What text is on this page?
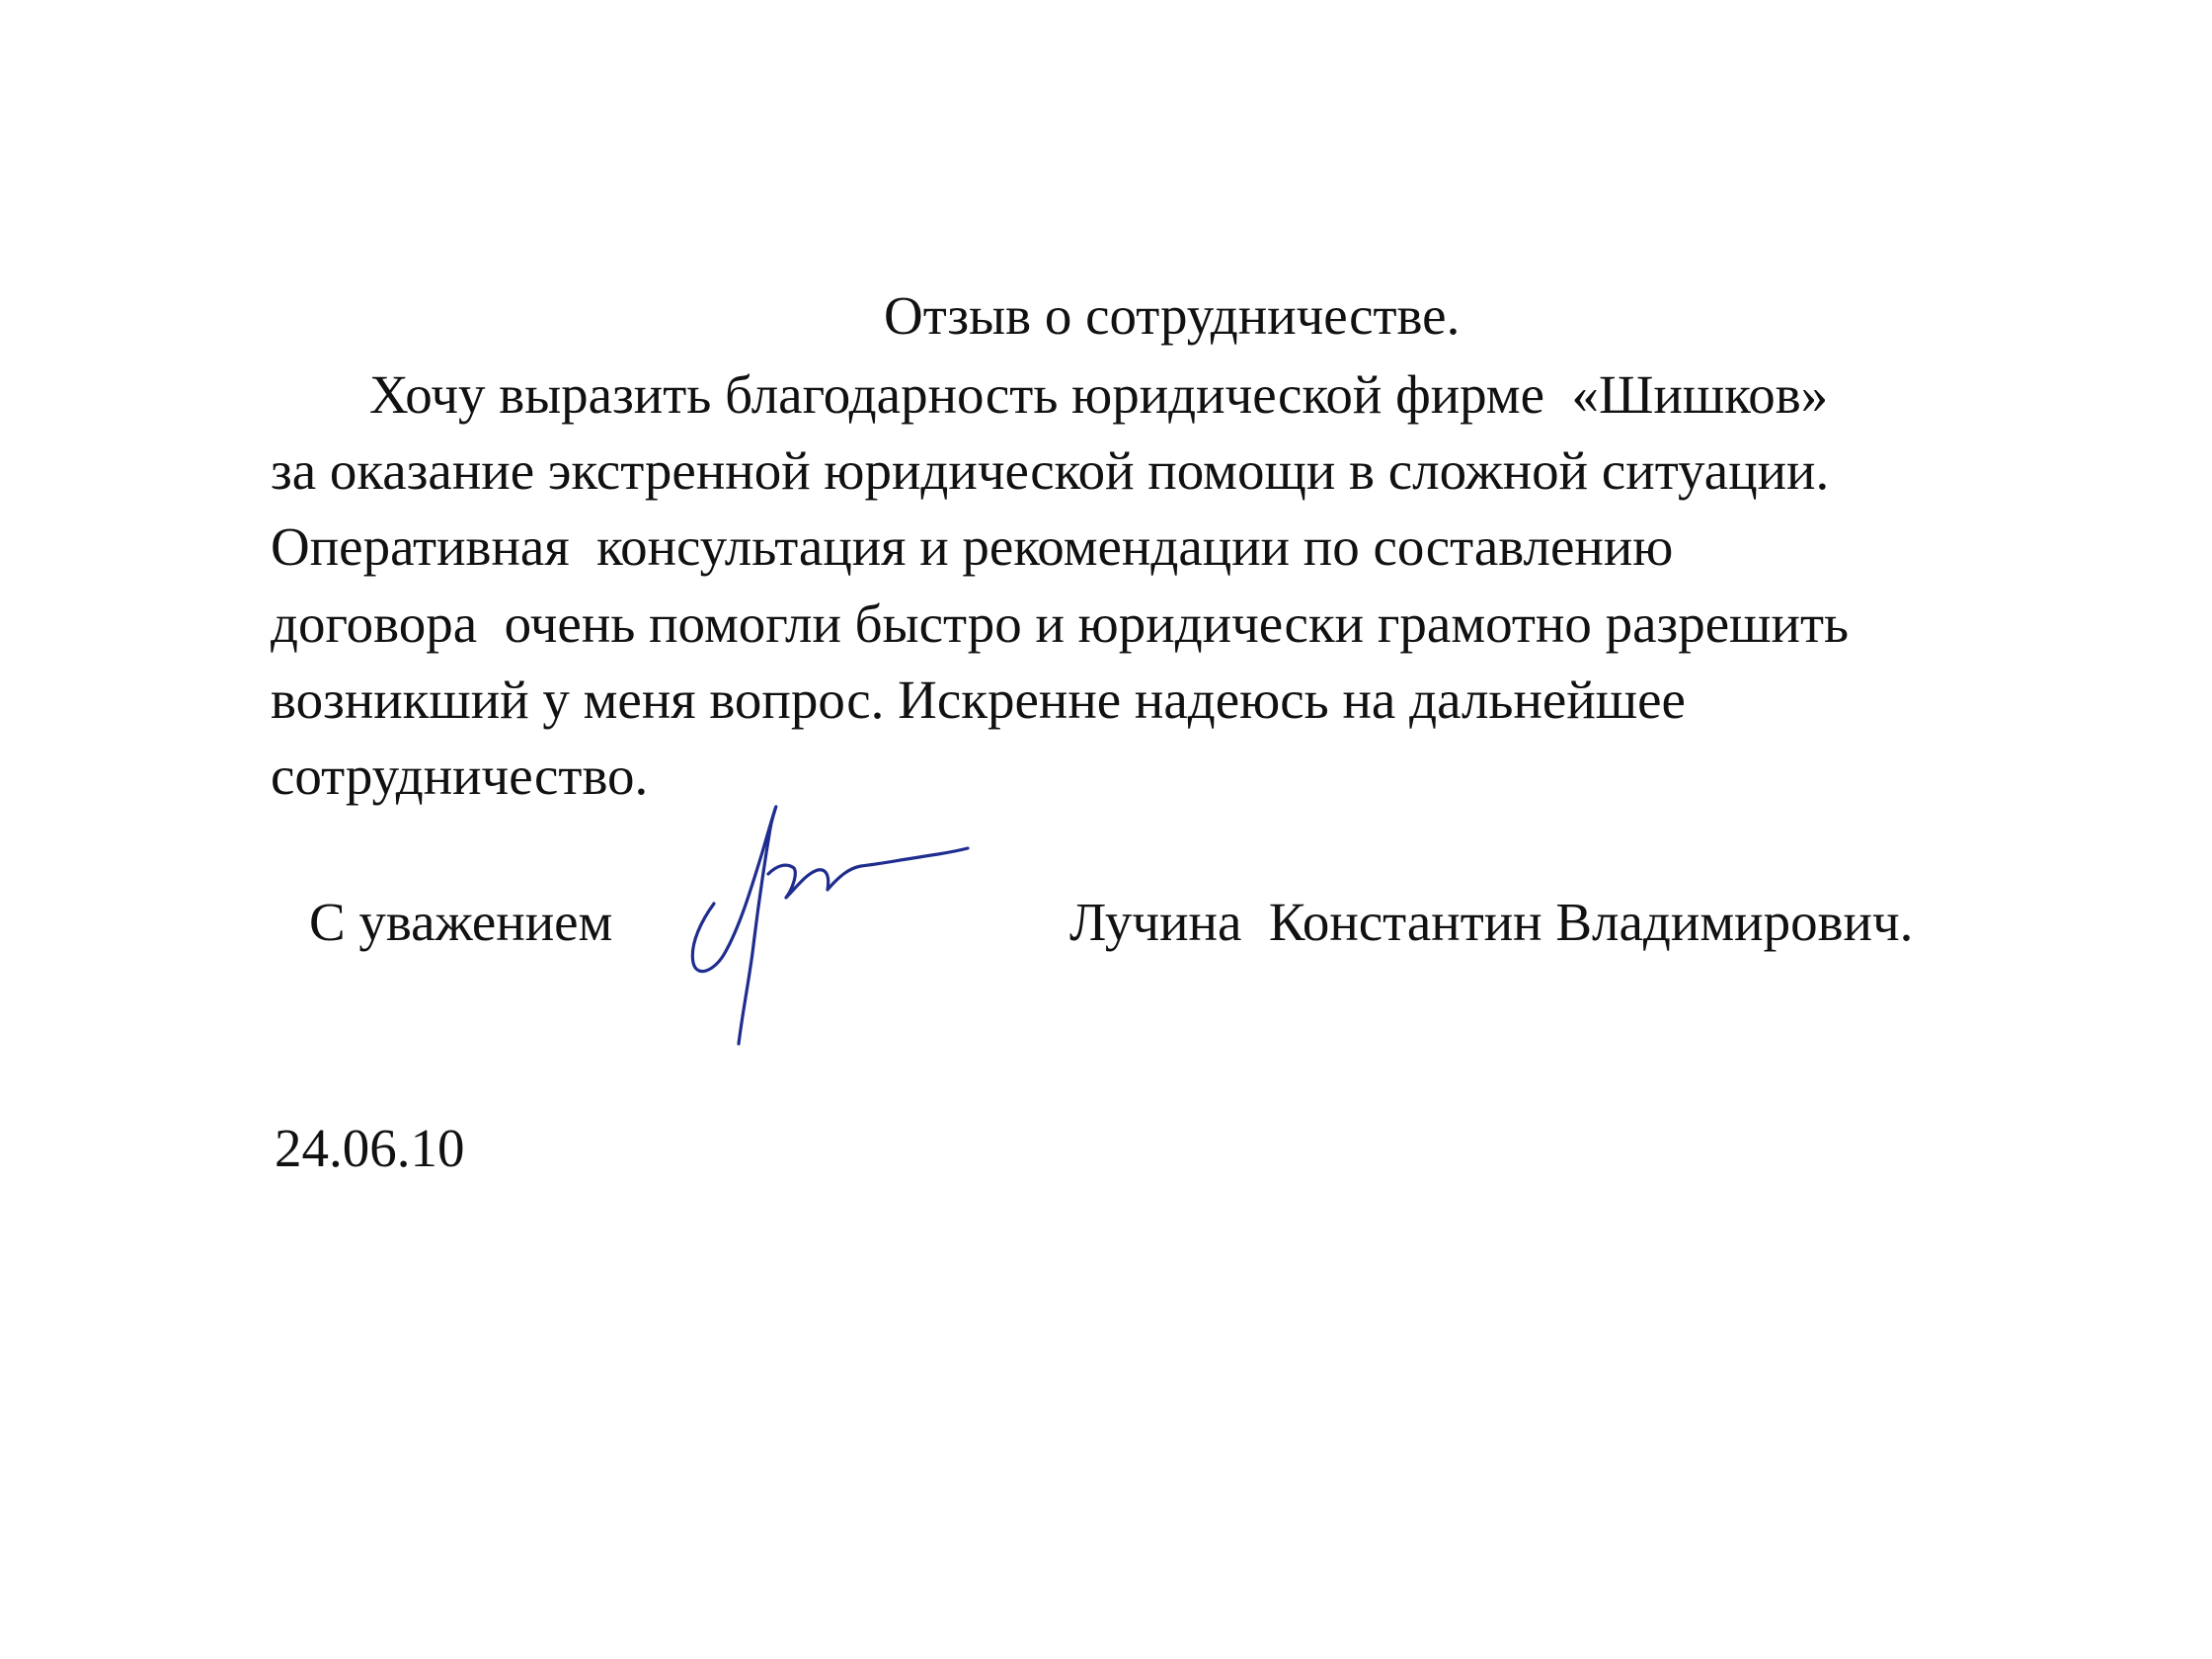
Отзыв о сотрудничестве.
Хочу выразить благодарность юридической фирме  «Шишков»
за оказание экстренной юридической помощи в сложной ситуации.
Оперативная  консультация и рекомендации по составлению
договора  очень помогли быстро и юридически грамотно разрешить
возникший у меня вопрос. Искренне надеюсь на дальнейшее
сотрудничество.
С уважением	Лучина  Константин Владимирович.
24.06.10
